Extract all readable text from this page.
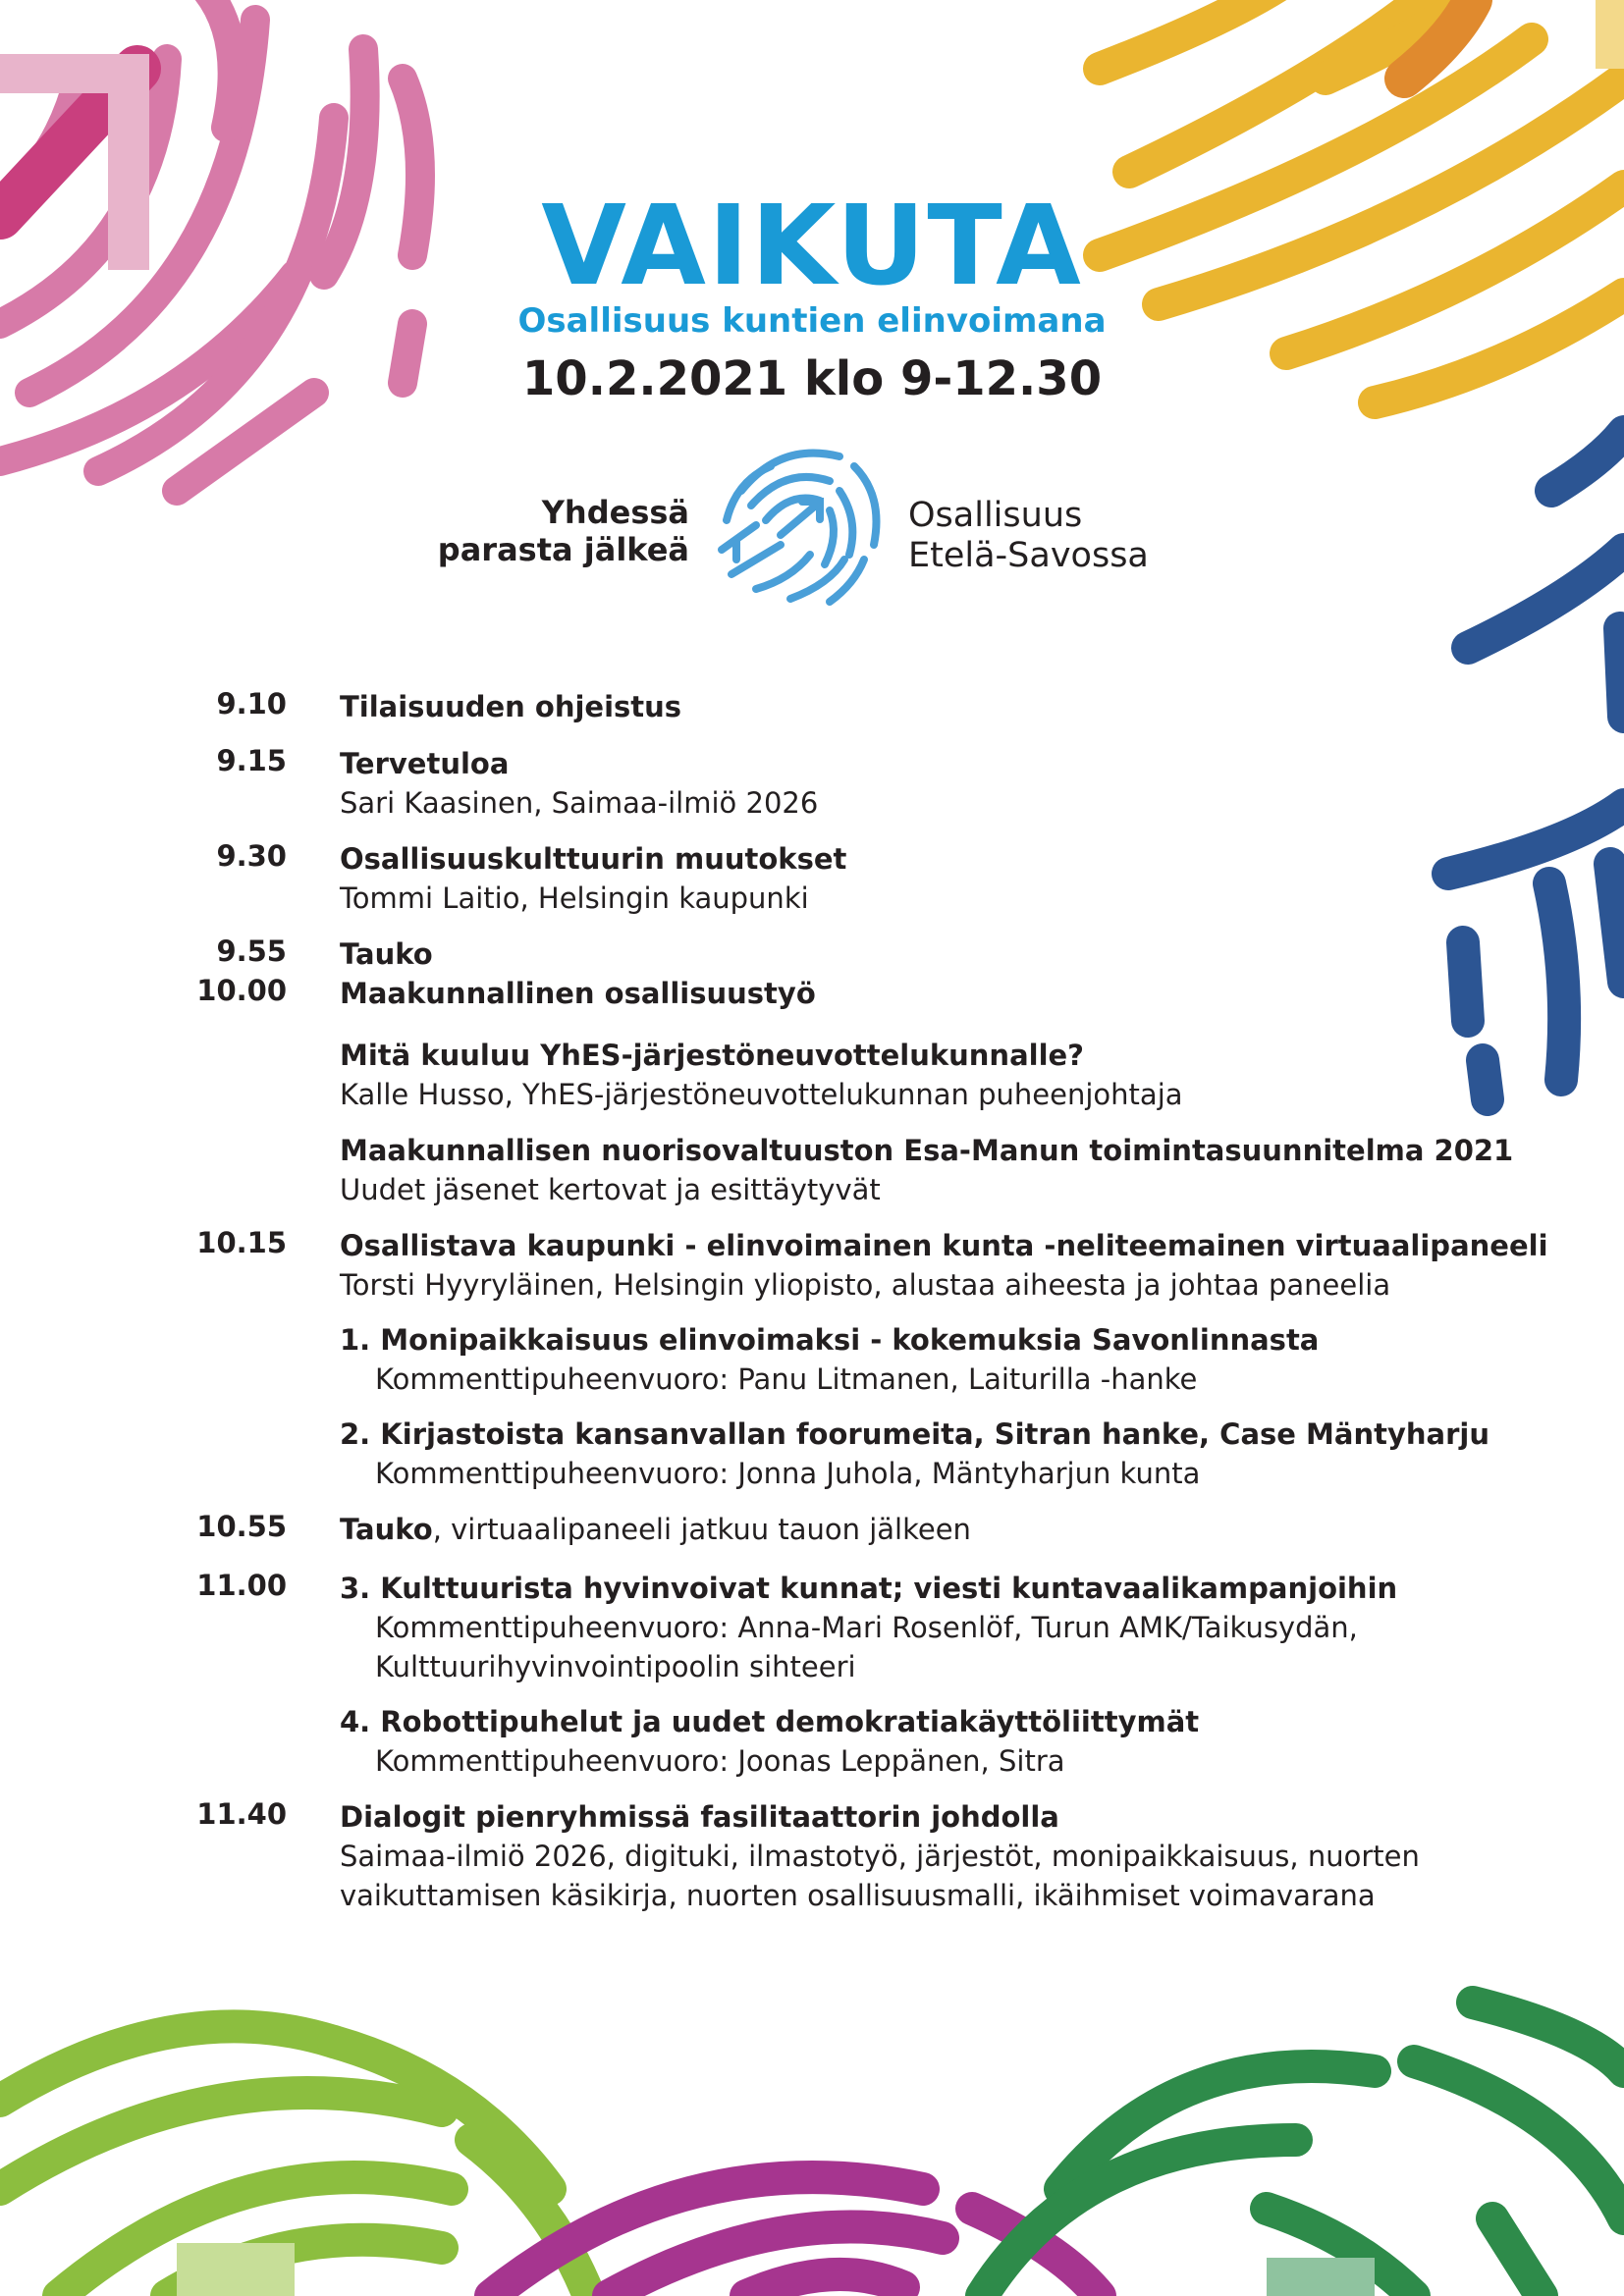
VAIKUTA
Osallisuus kuntien elinvoimana
10.2.2021 klo 9-12.30
Yhdessä
parasta jälkeä
Osallisuus
Etelä-Savossa
9.10 Tilaisuuden ohjeistus
9.15 Tervetuloa
Sari Kaasinen, Saimaa-ilmiö 2026
9.30 Osallisuuskulttuurin muutokset
Tommi Laitio, Helsingin kaupunki
9.55 Tauko
10.00 Maakunnallinen osallisuustyö
Mitä kuuluu YhES-järjestöneuvottelukunnalle?
Kalle Husso, YhES-järjestöneuvottelukunnan puheenjohtaja
Maakunnallisen nuorisovaltuuston Esa-Manun toimintasuunnitelma 2021
Uudet jäsenet kertovat ja esittäytyvät
10.15 Osallistava kaupunki - elinvoimainen kunta -neliteemainen virtuaalipaneeli
Torsti Hyyryläinen, Helsingin yliopisto, alustaa aiheesta ja johtaa paneelia
1. Monipaikkaisuus elinvoimaksi - kokemuksia Savonlinnasta
Kommenttipuheenvuoro: Panu Litmanen, Laiturilla -hanke
2. Kirjastoista kansanvallan foorumeita, Sitran hanke, Case Mäntyharju
Kommenttipuheenvuoro: Jonna Juhola, Mäntyharjun kunta
10.55 Tauko, virtuaalipaneeli jatkuu tauon jälkeen
11.00 3. Kulttuurista hyvinvoivat kunnat; viesti kuntavaalikampanjoihin
Kommenttipuheenvuoro: Anna-Mari Rosenlöf, Turun AMK/Taikusydän,
Kulttuurihyvinvointipoolin sihteeri
4. Robottipuhelut ja uudet demokratiakäyttöliittymät
Kommenttipuheenvuoro: Joonas Leppänen, Sitra
11.40 Dialogit pienryhmissä fasilitaattorin johdolla
Saimaa-ilmiö 2026, digituki, ilmastotyö, järjestöt, monipaikkaisuus, nuorten
vaikuttamisen käsikirja, nuorten osallisuusmalli, ikäihmiset voimavarana
